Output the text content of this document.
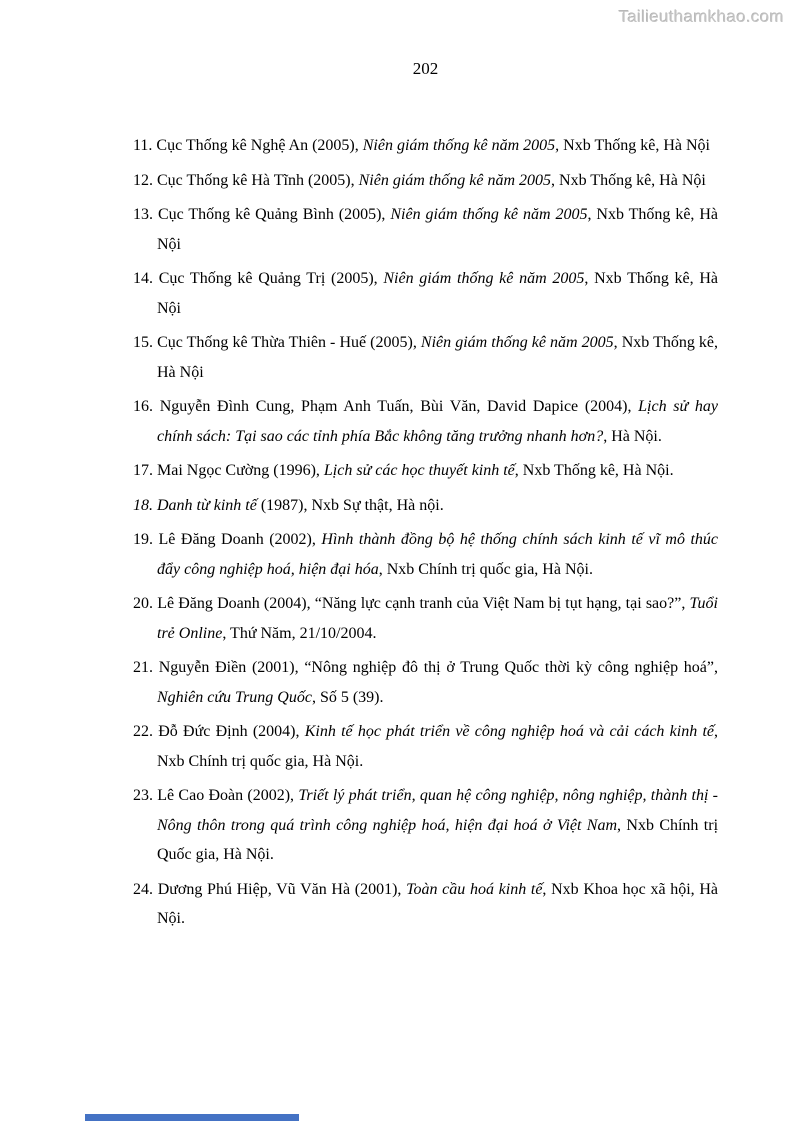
Tailieuthamkhao.com
202
11. Cục Thống kê Nghệ An (2005), Niên giám thống kê năm 2005, Nxb Thống kê, Hà Nội
12. Cục Thống kê Hà Tĩnh (2005), Niên giám thống kê năm 2005, Nxb Thống kê, Hà Nội
13. Cục Thống kê Quảng Bình (2005), Niên giám thống kê năm 2005, Nxb Thống kê, Hà Nội
14. Cục Thống kê Quảng Trị (2005), Niên giám thống kê năm 2005, Nxb Thống kê, Hà Nội
15. Cục Thống kê Thừa Thiên - Huế (2005), Niên giám thống kê năm 2005, Nxb Thống kê, Hà Nội
16. Nguyễn Đình Cung, Phạm Anh Tuấn, Bùi Văn, David Dapice (2004), Lịch sử hay chính sách: Tại sao các tỉnh phía Bắc không tăng trưởng nhanh hơn?, Hà Nội.
17. Mai Ngọc Cường (1996), Lịch sử các học thuyết kinh tế, Nxb Thống kê, Hà Nội.
18. Danh từ kinh tế (1987), Nxb Sự thật, Hà nội.
19. Lê Đăng Doanh (2002), Hình thành đồng bộ hệ thống chính sách kinh tế vĩ mô thúc đẩy công nghiệp hoá, hiện đại hóa, Nxb Chính trị quốc gia, Hà Nội.
20. Lê Đăng Doanh (2004), “Năng lực cạnh tranh của Việt Nam bị tụt hạng, tại sao?”, Tuổi trẻ Online, Thứ Năm, 21/10/2004.
21. Nguyễn Điền (2001), “Nông nghiệp đô thị ở Trung Quốc thời kỳ công nghiệp hoá”, Nghiên cứu Trung Quốc, Số 5 (39).
22. Đỗ Đức Định (2004), Kinh tế học phát triển về công nghiệp hoá và cải cách kinh tế, Nxb Chính trị quốc gia, Hà Nội.
23. Lê Cao Đoàn (2002), Triết lý phát triển, quan hệ công nghiệp, nông nghiệp, thành thị - Nông thôn trong quá trình công nghiệp hoá, hiện đại hoá ở Việt Nam, Nxb Chính trị Quốc gia, Hà Nội.
24. Dương Phú Hiệp, Vũ Văn Hà (2001), Toàn cầu hoá kinh tế, Nxb Khoa học xã hội, Hà Nội.
